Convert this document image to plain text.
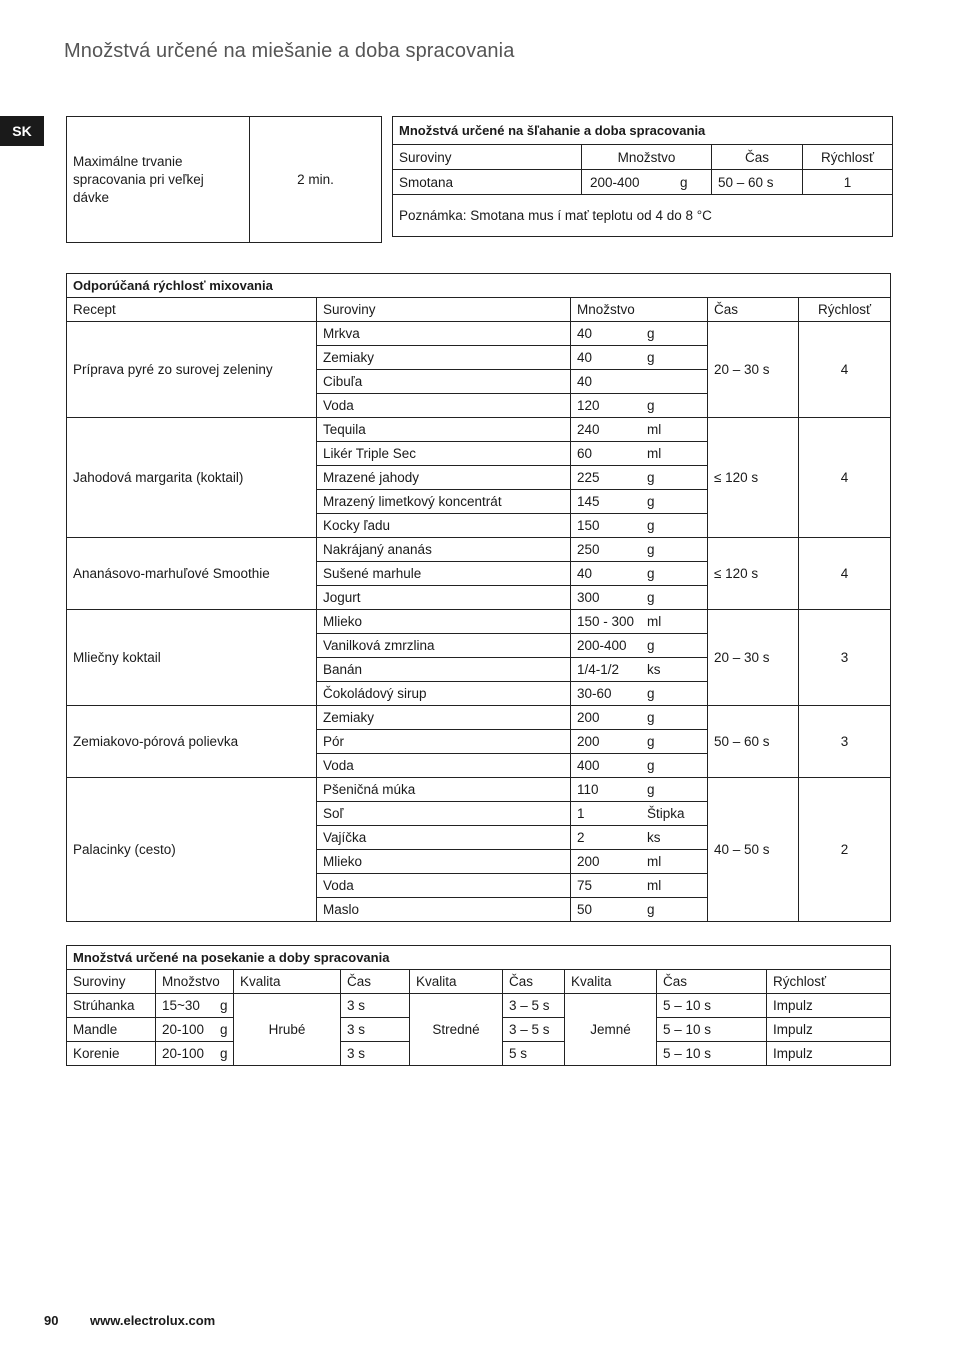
Množstvá určené na miešanie a doba spracovania
SK
Maximálne trvanie spracovania pri veľkej dávke	2 min.
Množstvá určené na šľahanie a doba spracovania			
Suroviny	Množstvo	Čas	Rýchlosť
Smotana	200-400 g	50 – 60 s	1
Poznámka: Smotana mus í mať teplotu od 4 do 8 °C			
Odporúčaná rýchlosť mixovania				
Recept	Suroviny	Množstvo	Čas	Rýchlosť
Príprava pyré zo surovej zeleniny	Mrkva	40 g	20 – 30 s	4
	Zemiaky	40 g		
	Cibuľa	40		
	Voda	120 g		
Jahodová margarita (koktail)	Tequila	240 ml	≤ 120 s	4
	Likér Triple Sec	60 ml		
	Mrazené jahody	225 g		
	Mrazený limetkový koncentrát	145 g		
	Kocky ľadu	150 g		
Ananásovo-marhuľové Smoothie	Nakrájaný ananás	250 g	≤ 120 s	4
	Sušené marhule	40 g		
	Jogurt	300 g		
Mliečny koktail	Mlieko	150 - 300 ml	20 – 30 s	3
	Vanilková zmrzlina	200-400 g		
	Banán	1/4-1/2 ks		
	Čokoládový sirup	30-60 g		
Zemiakovo-pórová polievka	Zemiaky	200 g	50 – 60 s	3
	Pór	200 g		
	Voda	400 g		
Palacinky (cesto)	Pšeničná múka	110 g	40 – 50 s	2
	Soľ	1 Štipka		
	Vajíčka	2 ks		
	Mlieko	200 ml		
	Voda	75 ml		
	Maslo	50 g		
Množstvá určené na posekanie a doby spracovania								
Suroviny	Množstvo	Kvalita	Čas	Kvalita	Čas	Kvalita	Čas	Rýchlosť
Strúhanka	15~30 g	Hrubé	3 s	Stredné	3 – 5 s	Jemné	5 – 10 s	Impulz
Mandle	20-100 g		3 s		3 – 5 s		5 – 10 s	Impulz
Korenie	20-100 g		3 s		5 s		5 – 10 s	Impulz
90 www.electrolux.com
